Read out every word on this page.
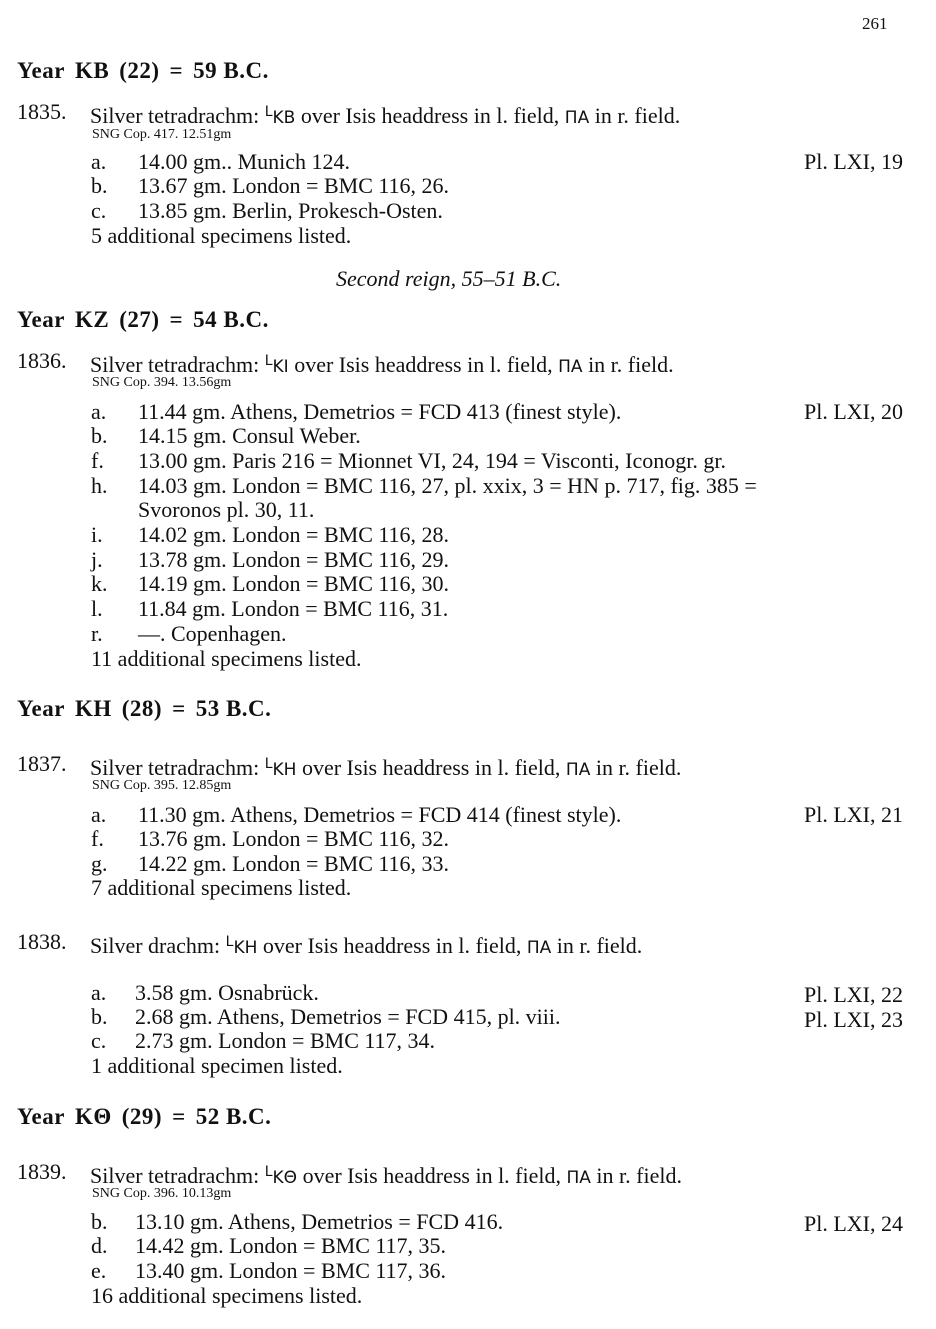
261
Year KB (22) = 59 B.C.
1835. Silver tetradrachm: $^L$KB over Isis headdress in l. field, ΠA in r. field.
SNG Cop. 417. 12.51gm
a. 14.00 gm.. Munich 124.	Pl. LXI, 19
b. 13.67 gm. London = BMC 116, 26.
c. 13.85 gm. Berlin, Prokesch-Osten.
5 additional specimens listed.
Second reign, 55–51 B.C.
Year KZ (27) = 54 B.C.
1836. Silver tetradrachm: $^L$KI over Isis headdress in l. field, ΠA in r. field.
SNG Cop. 394. 13.56gm
a. 11.44 gm. Athens, Demetrios = FCD 413 (finest style).	Pl. LXI, 20
b. 14.15 gm. Consul Weber.
f. 13.00 gm. Paris 216 = Mionnet VI, 24, 194 = Visconti, Iconogr. gr.
h. 14.03 gm. London = BMC 116, 27, pl. xxix, 3 = HN p. 717, fig. 385 =
Svoronos pl. 30, 11.
i. 14.02 gm. London = BMC 116, 28.
j. 13.78 gm. London = BMC 116, 29.
k. 14.19 gm. London = BMC 116, 30.
l. 11.84 gm. London = BMC 116, 31.
r. —. Copenhagen.
11 additional specimens listed.
Year KH (28) = 53 B.C.
1837. Silver tetradrachm: $^L$KH over Isis headdress in l. field, ΠA in r. field.
SNG Cop. 395. 12.85gm
a. 11.30 gm. Athens, Demetrios = FCD 414 (finest style).	Pl. LXI, 21
f. 13.76 gm. London = BMC 116, 32.
g. 14.22 gm. London = BMC 116, 33.
7 additional specimens listed.
1838. Silver drachm: $^L$KH over Isis headdress in l. field, ΠA in r. field.
a. 3.58 gm. Osnabrück.	Pl. LXI, 22
b. 2.68 gm. Athens, Demetrios = FCD 415, pl. viii.	Pl. LXI, 23
c. 2.73 gm. London = BMC 117, 34.
1 additional specimen listed.
Year KΘ (29) = 52 B.C.
1839. Silver tetradrachm: $^L$KΘ over Isis headdress in l. field, ΠA in r. field.
SNG Cop. 396. 10.13gm
b. 13.10 gm. Athens, Demetrios = FCD 416.	Pl. LXI, 24
d. 14.42 gm. London = BMC 117, 35.
e. 13.40 gm. London = BMC 117, 36.
16 additional specimens listed.
